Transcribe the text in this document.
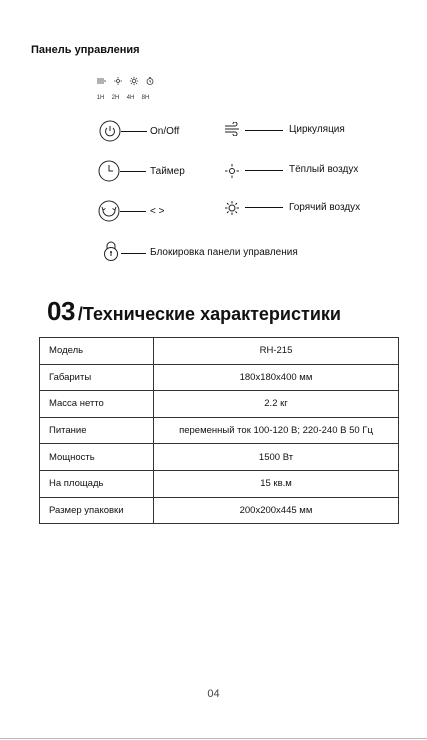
Панель управления
1H 2H 4H 8H
On/Off
Таймер
< >
Блокировка панели управления
Циркуляция
Тёплый воздух
Горячий воздух
03 /Технические характеристики
Модель	RH-215
Габариты	180x180x400 мм
Масса нетто	2.2 кг
Питание	переменный ток 100-120 В; 220-240 В 50 Гц
Мощность	1500 Вт
На площадь	15 кв.м
Размер упаковки	200x200x445 мм
04
